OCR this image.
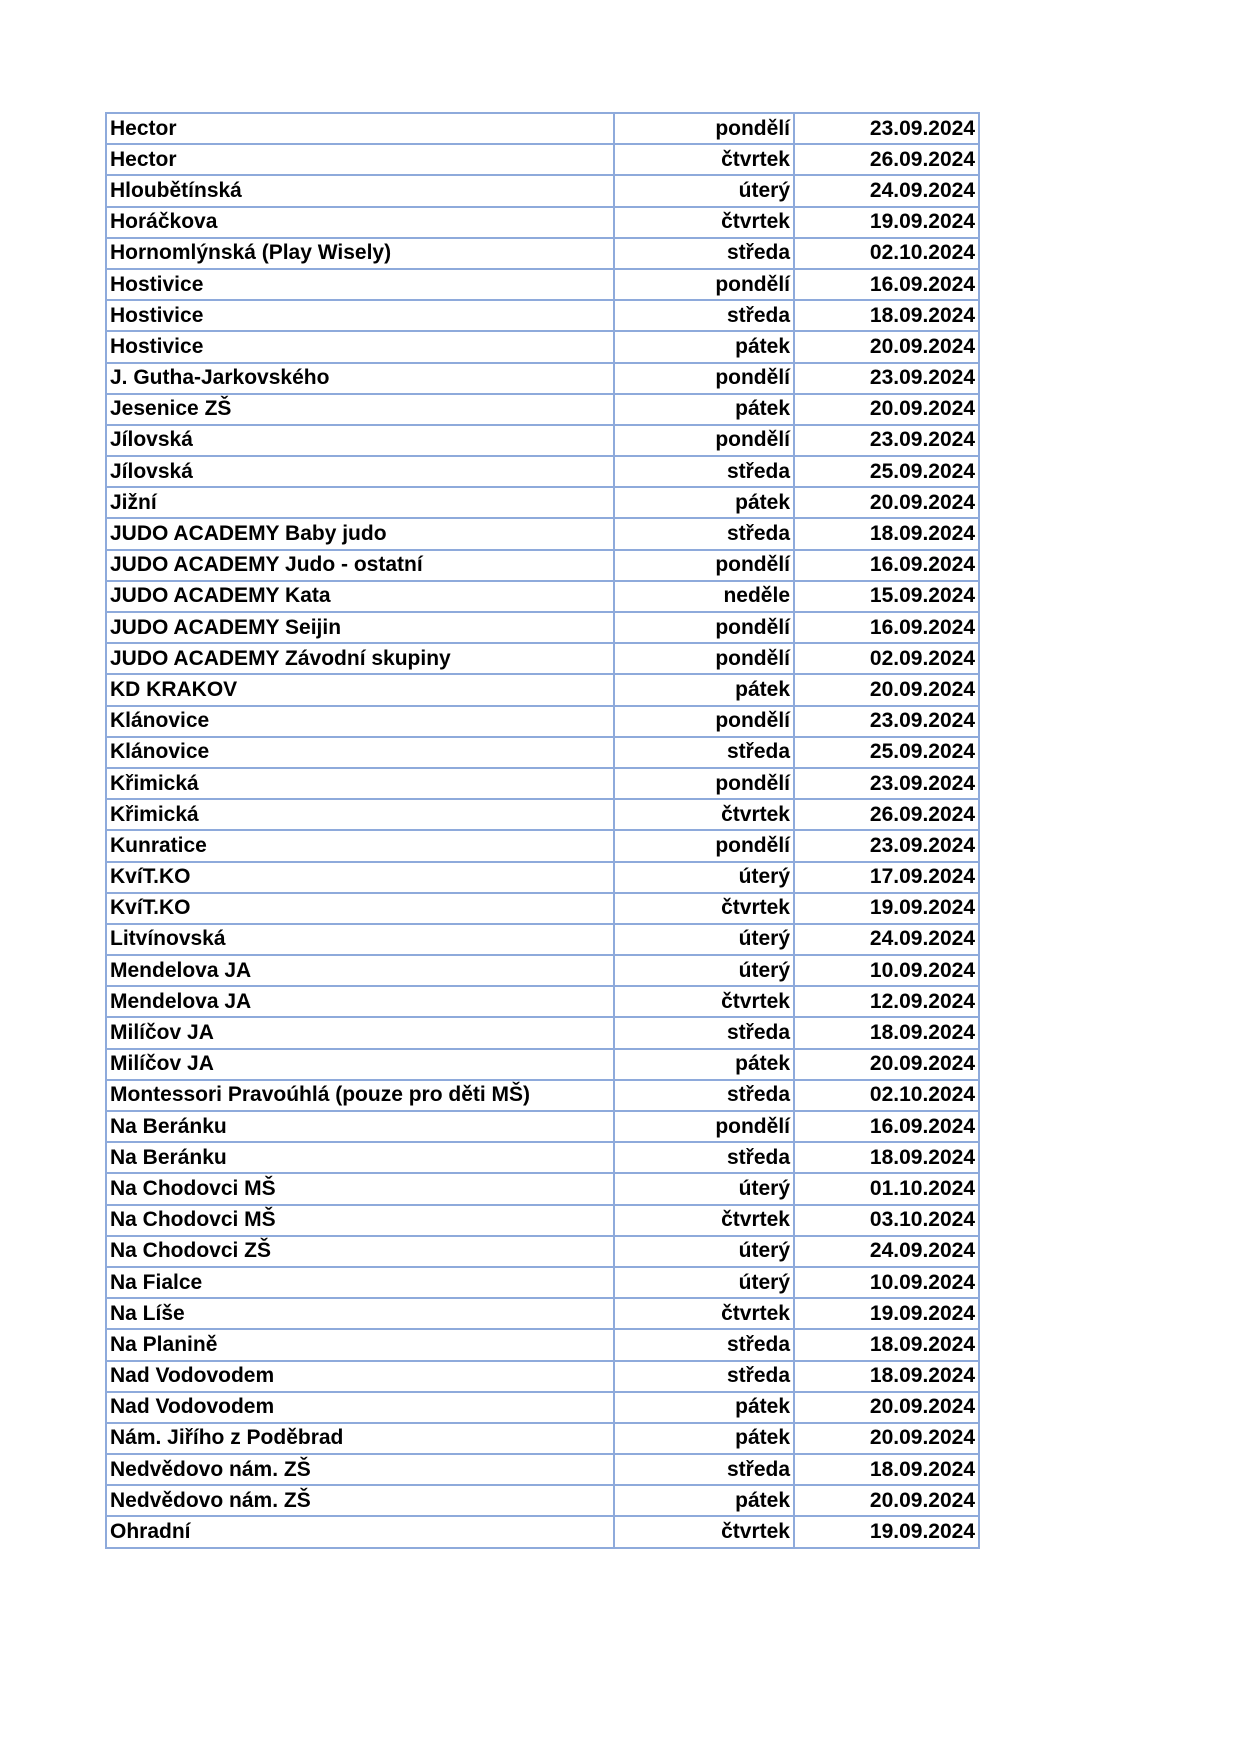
Hector	pondělí	23.09.2024
Hector	čtvrtek	26.09.2024
Hloubětínská	úterý	24.09.2024
Horáčkova	čtvrtek	19.09.2024
Hornomlýnská (Play Wisely)	středa	02.10.2024
Hostivice	pondělí	16.09.2024
Hostivice	středa	18.09.2024
Hostivice	pátek	20.09.2024
J. Gutha-Jarkovského	pondělí	23.09.2024
Jesenice ZŠ	pátek	20.09.2024
Jílovská	pondělí	23.09.2024
Jílovská	středa	25.09.2024
Jižní	pátek	20.09.2024
JUDO ACADEMY Baby judo	středa	18.09.2024
JUDO ACADEMY Judo - ostatní	pondělí	16.09.2024
JUDO ACADEMY Kata	neděle	15.09.2024
JUDO ACADEMY Seijin	pondělí	16.09.2024
JUDO ACADEMY Závodní skupiny	pondělí	02.09.2024
KD KRAKOV	pátek	20.09.2024
Klánovice	pondělí	23.09.2024
Klánovice	středa	25.09.2024
Křimická	pondělí	23.09.2024
Křimická	čtvrtek	26.09.2024
Kunratice	pondělí	23.09.2024
KvíT.KO	úterý	17.09.2024
KvíT.KO	čtvrtek	19.09.2024
Litvínovská	úterý	24.09.2024
Mendelova JA	úterý	10.09.2024
Mendelova JA	čtvrtek	12.09.2024
Milíčov JA	středa	18.09.2024
Milíčov JA	pátek	20.09.2024
Montessori Pravoúhlá (pouze pro děti MŠ)	středa	02.10.2024
Na Beránku	pondělí	16.09.2024
Na Beránku	středa	18.09.2024
Na Chodovci MŠ	úterý	01.10.2024
Na Chodovci MŠ	čtvrtek	03.10.2024
Na Chodovci ZŠ	úterý	24.09.2024
Na Fialce	úterý	10.09.2024
Na Líše	čtvrtek	19.09.2024
Na Planině	středa	18.09.2024
Nad Vodovodem	středa	18.09.2024
Nad Vodovodem	pátek	20.09.2024
Nám. Jiřího z Poděbrad	pátek	20.09.2024
Nedvědovo nám. ZŠ	středa	18.09.2024
Nedvědovo nám. ZŠ	pátek	20.09.2024
Ohradní	čtvrtek	19.09.2024
